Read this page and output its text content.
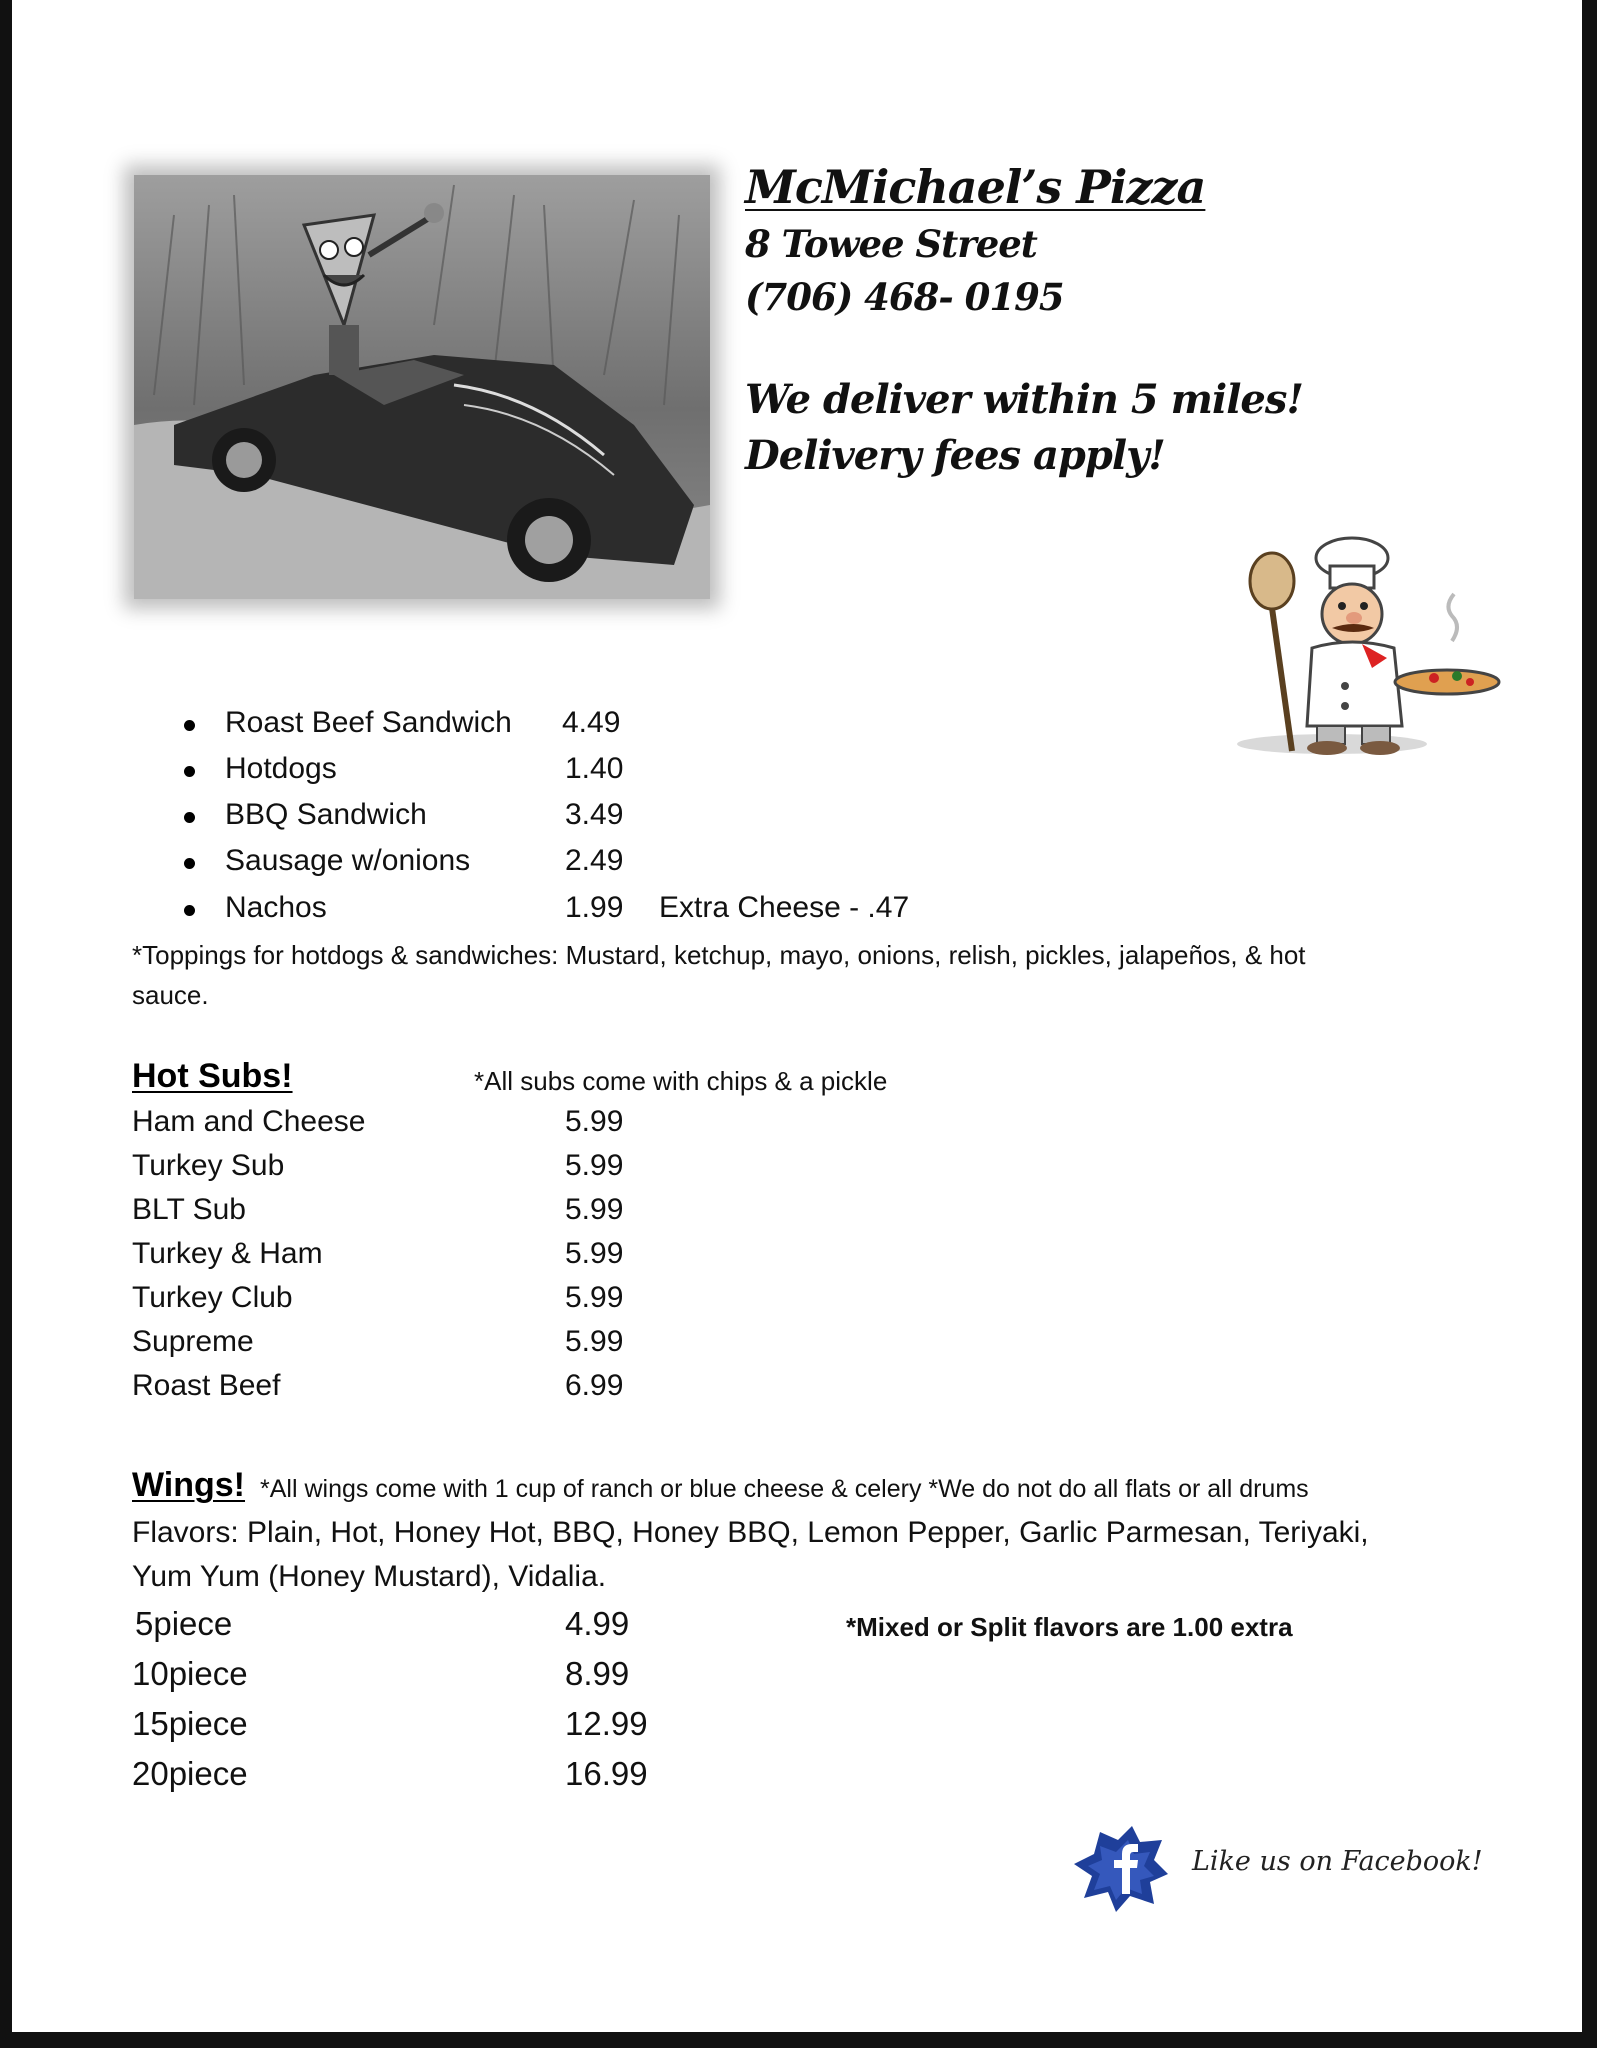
McMichael’s Pizza
8 Towee Street
(706) 468- 0195
We deliver within 5 miles!
Delivery fees apply!
Roast Beef Sandwich 4.49
Hotdogs	1.40
BBQ Sandwich	3.49
Sausage w/onions	2.49
Nachos	1.99 Extra Cheese - .47
*Toppings for hotdogs & sandwiches: Mustard, ketchup, mayo, onions, relish, pickles, jalapeños, & hot
sauce.
Hot Subs!	*All subs come with chips & a pickle
Ham and Cheese	5.99
Turkey Sub	5.99
BLT Sub	5.99
Turkey & Ham	5.99
Turkey Club	5.99
Supreme	5.99
Roast Beef	6.99
Wings! *All wings come with 1 cup of ranch or blue cheese & celery *We do not do all flats or all drums
Flavors: Plain, Hot, Honey Hot, BBQ, Honey BBQ, Lemon Pepper, Garlic Parmesan, Teriyaki,
Yum Yum (Honey Mustard), Vidalia.
5piece	4.99
10piece	8.99
15piece	12.99
20piece	16.99
*Mixed or Split flavors are 1.00 extra
Like us on Facebook!
